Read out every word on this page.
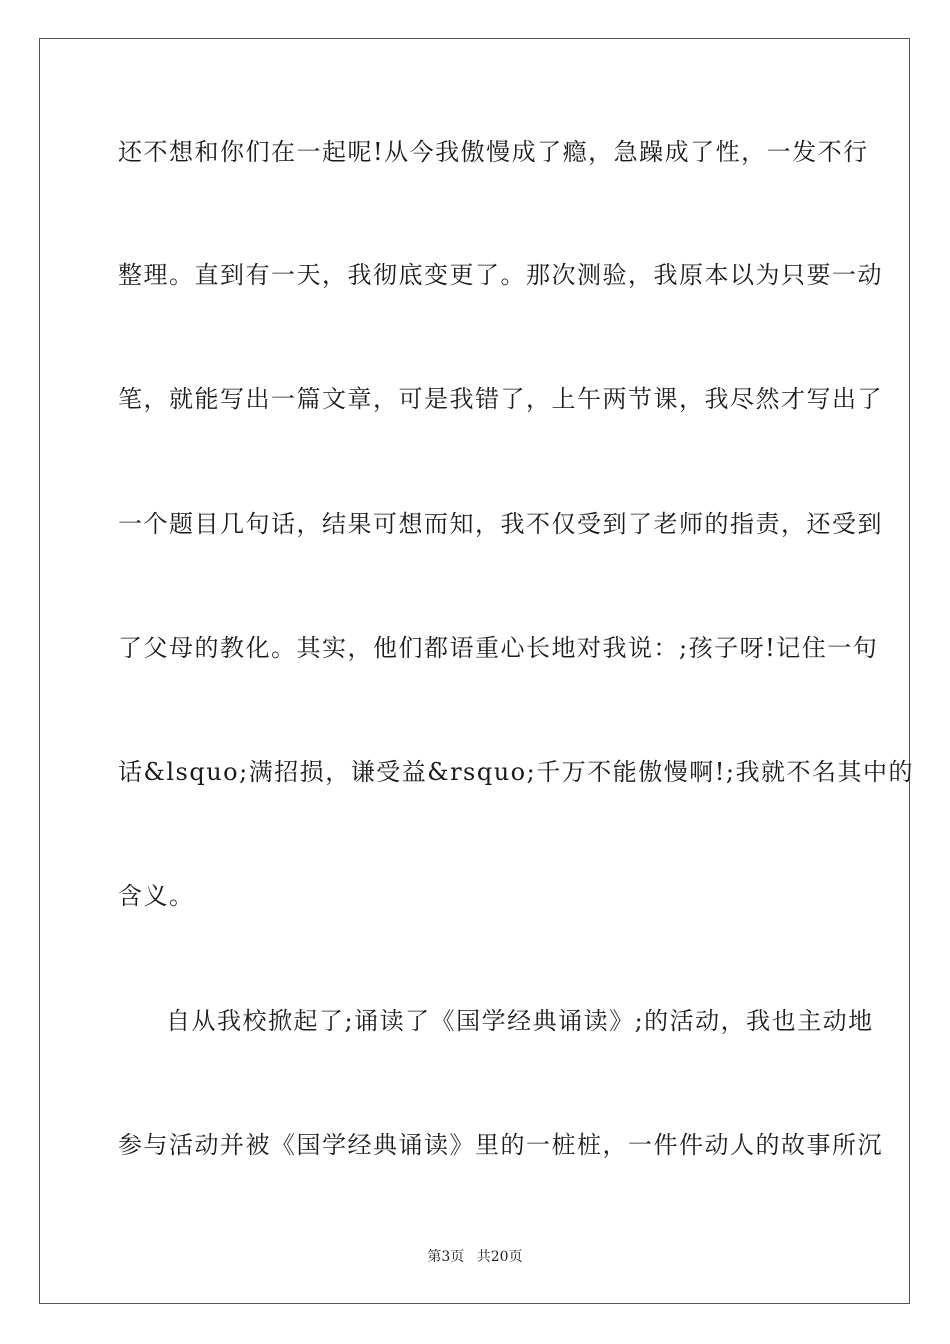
还不想和你们在一起呢!从今我傲慢成了瘾，急躁成了性，一发不行
整理。直到有一天，我彻底变更了。那次测验，我原本以为只要一动
笔，就能写出一篇文章，可是我错了，上午两节课，我尽然才写出了
一个题目几句话，结果可想而知，我不仅受到了老师的指责，还受到
了父母的教化。其实，他们都语重心长地对我说：;孩子呀!记住一句
话&lsquo;满招损，谦受益&rsquo;千万不能傲慢啊!;我就不名其中的
含义。
自从我校掀起了;诵读了《国学经典诵读》;的活动，我也主动地
参与活动并被《国学经典诵读》里的一桩桩，一件件动人的故事所沉
第3页 共20页
